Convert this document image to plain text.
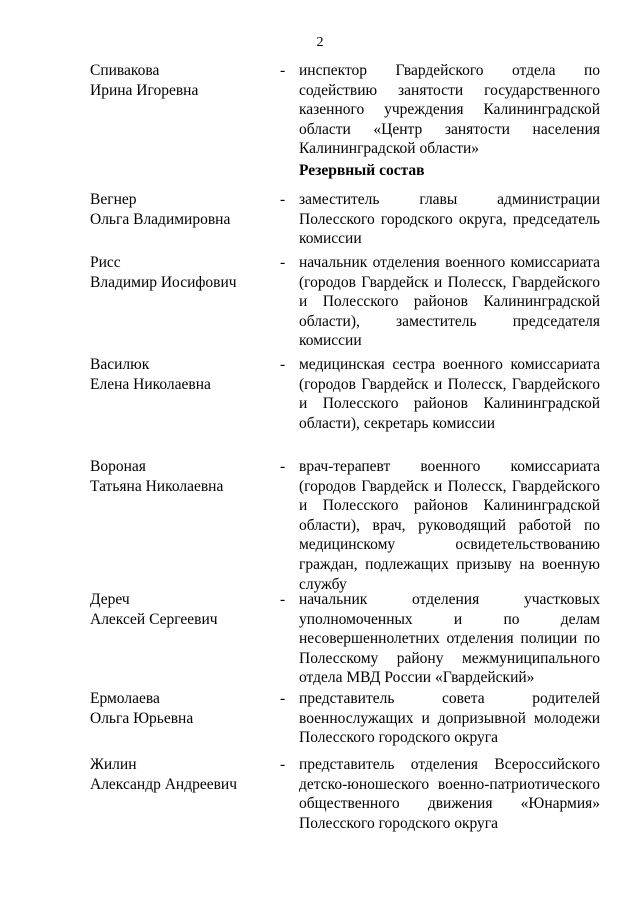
2
Спивакова
Ирина Игоревна
- инспектор Гвардейского отдела по содействию занятости государственного казенного учреждения Калининградской области «Центр занятости населения Калининградской области»
Резервный состав
Вегнер
Ольга Владимировна
- заместитель главы администрации Полесского городского округа, председатель комиссии
Рисс
Владимир Иосифович
- начальник отделения военного комиссариата (городов Гвардейск и Полесск, Гвардейского и Полесского районов Калининградской области), заместитель председателя комиссии
Василюк
Елена Николаевна
- медицинская сестра военного комиссариата (городов Гвардейск и Полесск, Гвардейского и Полесского районов Калининградской области), секретарь комиссии
Вороная
Татьяна Николаевна
- врач-терапевт военного комиссариата (городов Гвардейск и Полесск, Гвардейского и Полесского районов Калининградской области), врач, руководящий работой по медицинскому освидетельствованию граждан, подлежащих призыву на военную службу
Дереч
Алексей Сергеевич
- начальник отделения участковых уполномоченных и по делам несовершеннолетних отделения полиции по Полесскому району межмуниципального отдела МВД России «Гвардейский»
Ермолаева
Ольга Юрьевна
- представитель совета родителей военнослужащих и допризывной молодежи Полесского городского округа
Жилин
Александр Андреевич
- представитель отделения Всероссийского детско-юношеского военно-патриотического общественного движения «Юнармия» Полесского городского округа
